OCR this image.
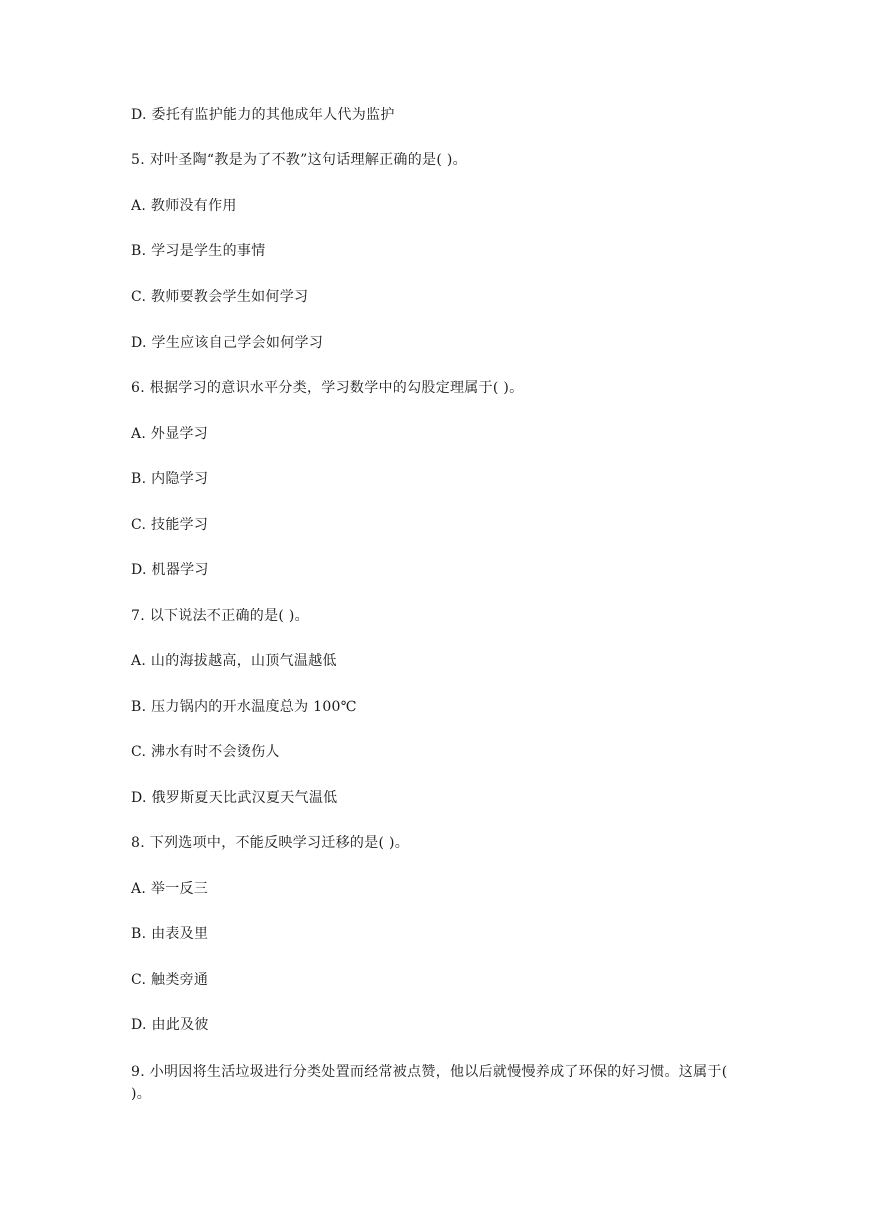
D. 委托有监护能力的其他成年人代为监护
5. 对叶圣陶“教是为了不教”这句话理解正确的是( )。
A. 教师没有作用
B. 学习是学生的事情
C. 教师要教会学生如何学习
D. 学生应该自己学会如何学习
6. 根据学习的意识水平分类，学习数学中的勾股定理属于( )。
A. 外显学习
B. 内隐学习
C. 技能学习
D. 机器学习
7. 以下说法不正确的是( )。
A. 山的海拔越高，山顶气温越低
B. 压力锅内的开水温度总为 100℃
C. 沸水有时不会烫伤人
D. 俄罗斯夏天比武汉夏天气温低
8. 下列选项中，不能反映学习迁移的是( )。
A. 举一反三
B. 由表及里
C. 触类旁通
D. 由此及彼
9. 小明因将生活垃圾进行分类处置而经常被点赞，他以后就慢慢养成了环保的好习惯。这属于( )。
